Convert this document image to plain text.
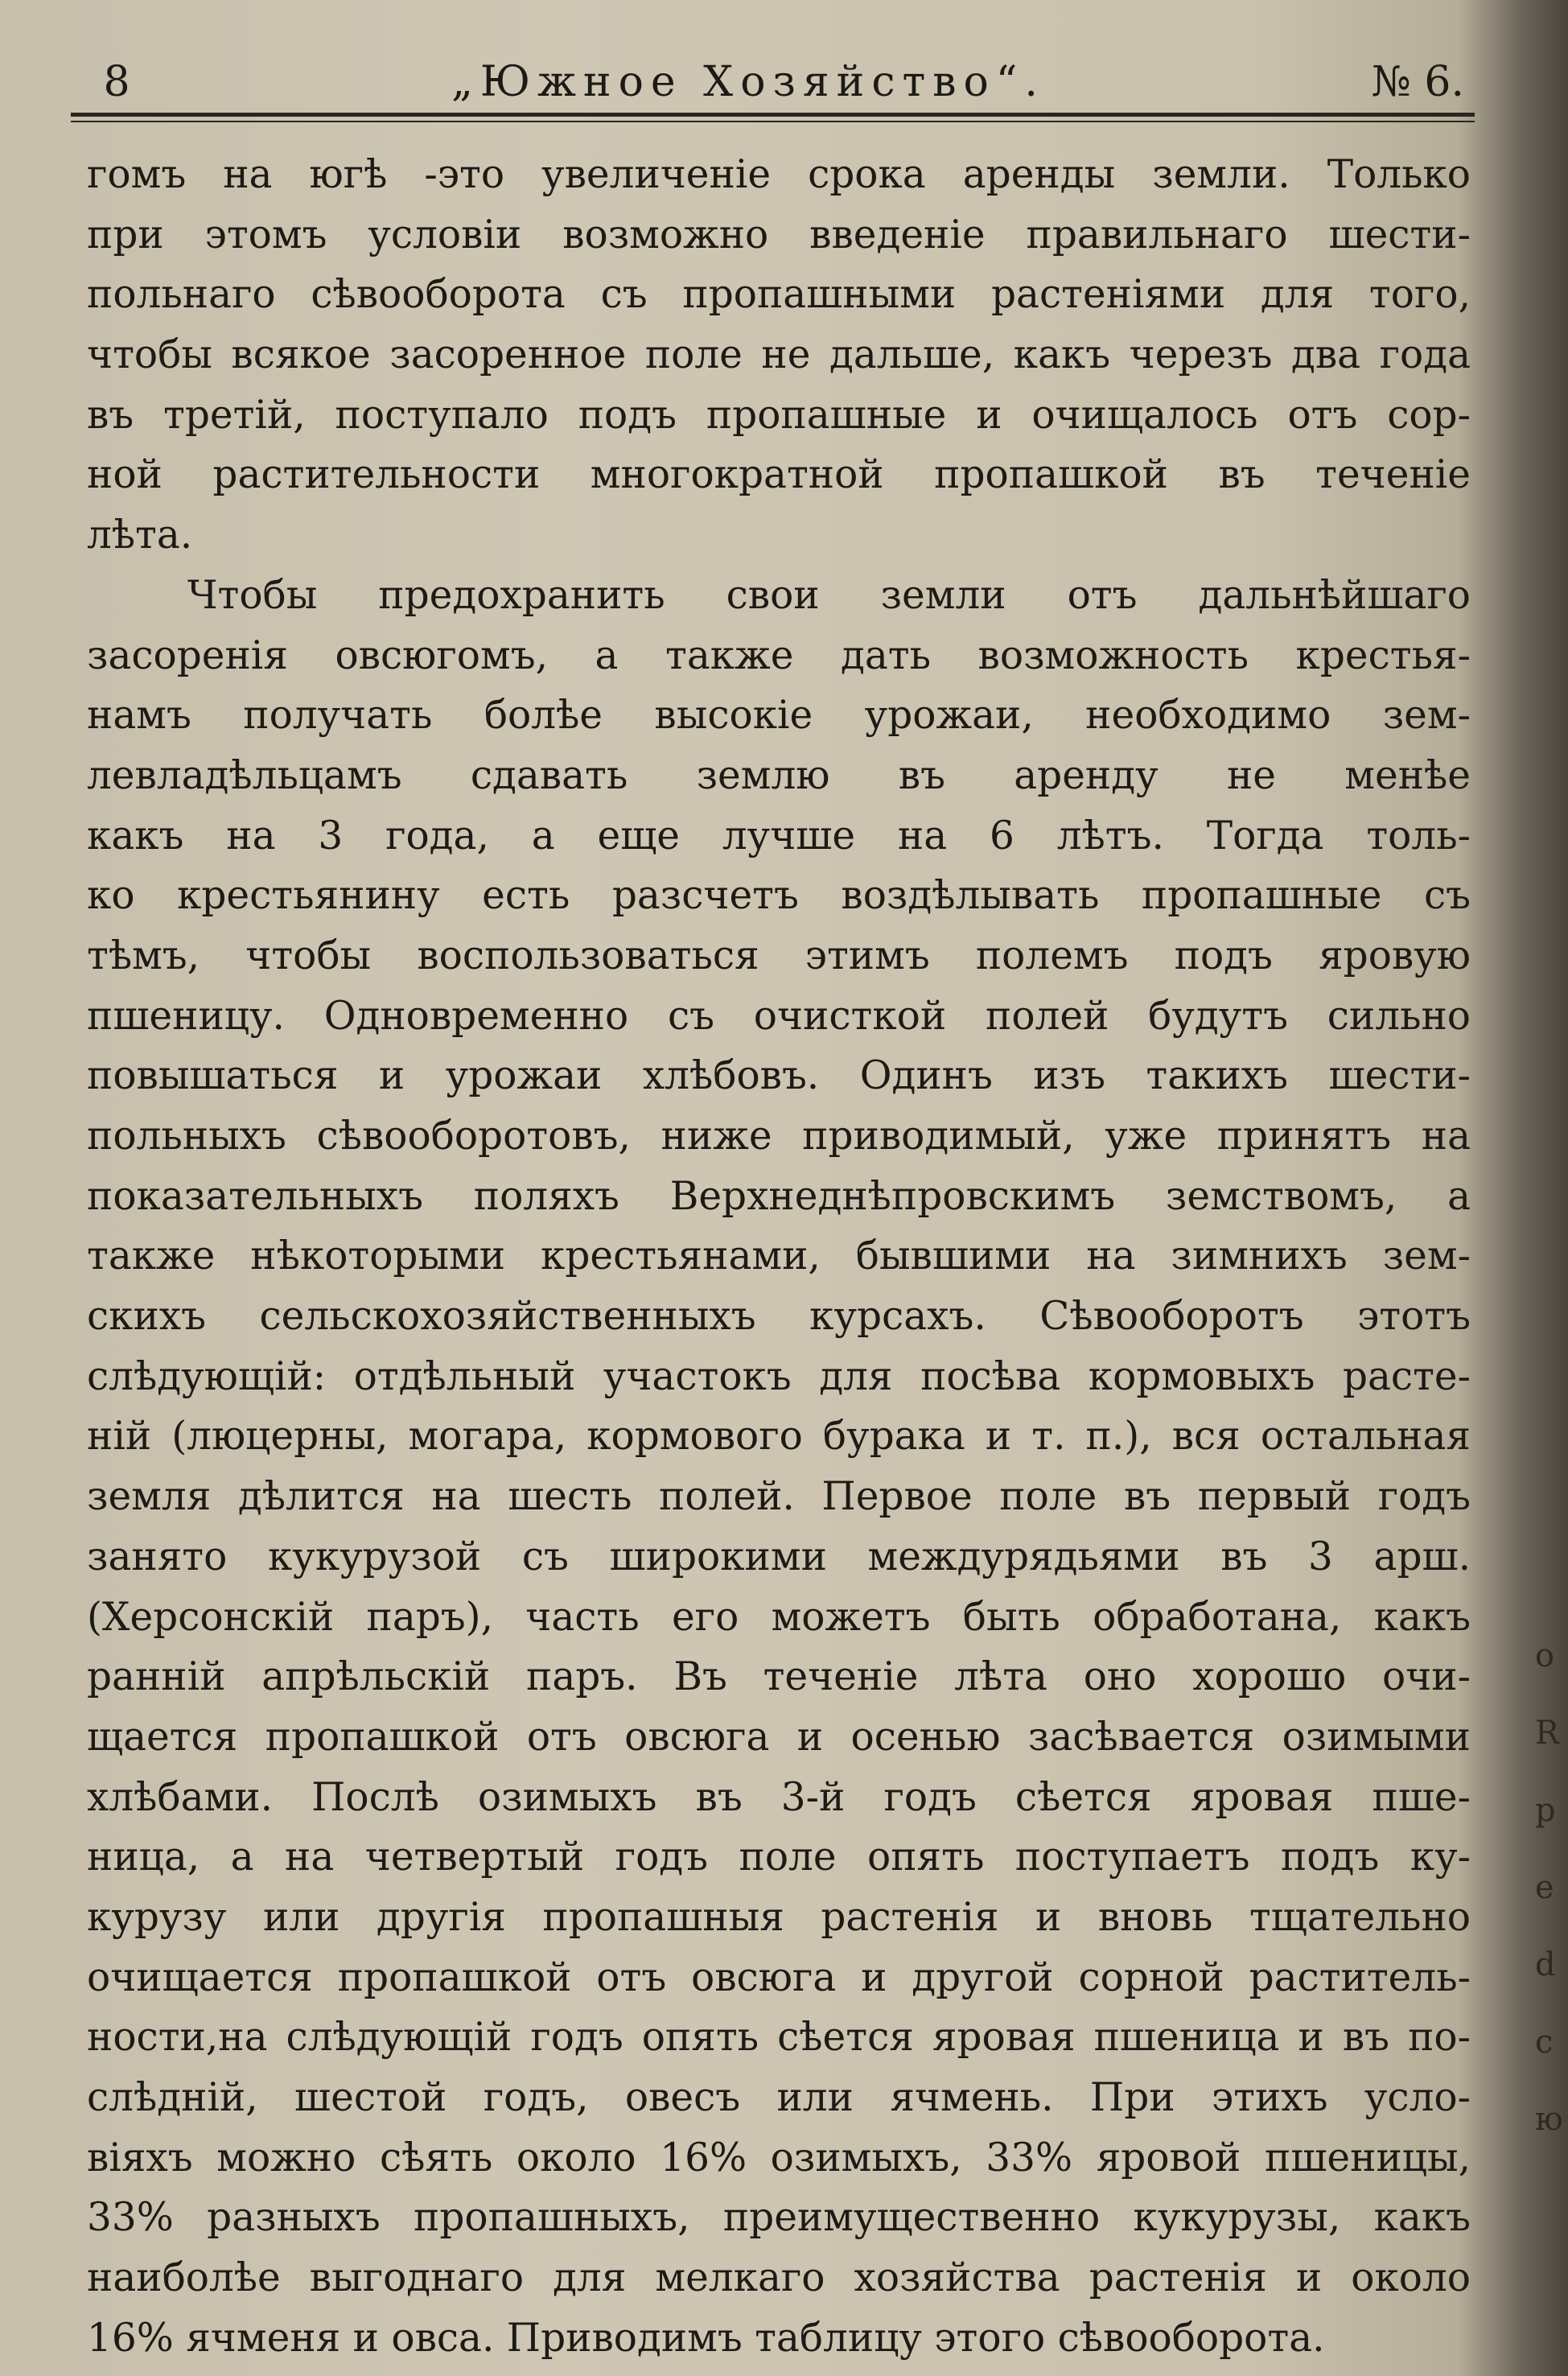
8	„Южное Хозяйство“.	№ 6.
гомъ на югѣ -это увеличенiе срока аренды земли. Только
при этомъ условiи возможно введенiе правильнаго шести-
польнаго сѣвооборота съ пропашными растенiями для того,
чтобы всякое засоренное поле не дальше, какъ черезъ два года
въ третiй, поступало подъ пропашные и очищалось отъ сор-
ной растительности многократной пропашкой въ теченiе
лѣта.
Чтобы предохранить свои земли отъ дальнѣйшаго
засоренiя овсюгомъ, а также дать возможность крестья-
намъ получать болѣе высокiе урожаи, необходимо зем-
левладѣльцамъ сдавать землю въ аренду не менѣе
какъ на 3 года, а еще лучше на 6 лѣтъ. Тогда толь-
ко крестьянину есть разсчетъ воздѣлывать пропашные съ
тѣмъ, чтобы воспользоваться этимъ полемъ подъ яровую
пшеницу. Одновременно съ очисткой полей будутъ сильно
повышаться и урожаи хлѣбовъ. Одинъ изъ такихъ шести-
польныхъ сѣвооборотовъ, ниже приводимый, уже принятъ на
показательныхъ поляхъ Верхнеднѣпровскимъ земствомъ, а
также нѣкоторыми крестьянами, бывшими на зимнихъ зем-
скихъ сельскохозяйственныхъ курсахъ. Сѣвооборотъ этотъ
слѣдующiй: отдѣльный участокъ для посѣва кормовыхъ расте-
нiй (люцерны, могара, кормового бурака и т. п.), вся остальная
земля дѣлится на шесть полей. Первое поле въ первый годъ
занято кукурузой съ широкими междурядьями въ 3 арш.
(Херсонскiй паръ), часть его можетъ быть обработана, какъ
раннiй апрѣльскiй паръ. Въ теченiе лѣта оно хорошо очи-
щается пропашкой отъ овсюга и осенью засѣвается озимыми
хлѣбами. Послѣ озимыхъ въ 3-й годъ сѣется яровая пше-
ница, а на четвертый годъ поле опять поступаетъ подъ ку-
курузу или другiя пропашныя растенiя и вновь тщательно
очищается пропашкой отъ овсюга и другой сорной раститель-
ности,на слѣдующiй годъ опять сѣется яровая пшеница и въ по-
слѣднiй, шестой годъ, овесъ или ячмень. При этихъ усло-
вiяхъ можно сѣять около 16% озимыхъ, 33% яровой пшеницы,
33% разныхъ пропашныхъ, преимущественно кукурузы, какъ
наиболѣе выгоднаго для мелкаго хозяйства растенiя и около
16% ячменя и овса. Приводимъ таблицу этого сѣвооборота.
о
R
р
е
d
с
ю
